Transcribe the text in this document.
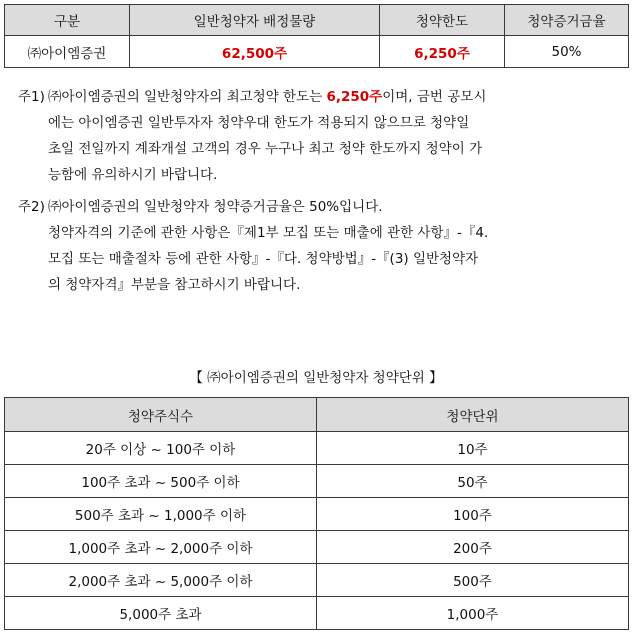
구분	일반청약자 배정물량	청약한도	청약증거금율
㈜아이엠증권	62,500주	6,250주	50%
주1) ㈜아이엠증권의 일반청약자의 최고청약 한도는 6,250주이며, 금번 공모시
에는 아이엠증권 일반투자자 청약우대 한도가 적용되지 않으므로 청약일
초일 전일까지 계좌개설 고객의 경우 누구나 최고 청약 한도까지 청약이 가
능함에 유의하시기 바랍니다.
주2) ㈜아이엠증권의 일반청약자 청약증거금율은 50%입니다.
청약자격의 기준에 관한 사항은『제1부 모집 또는 매출에 관한 사항』-『4.
모집 또는 매출절차 등에 관한 사항』-『다. 청약방법』-『(3) 일반청약자
의 청약자격』부분을 참고하시기 바랍니다.
【 ㈜아이엠증권의 일반청약자 청약단위 】
청약주식수	청약단위
20주 이상 ~ 100주 이하	10주
100주 초과 ~ 500주 이하	50주
500주 초과 ~ 1,000주 이하	100주
1,000주 초과 ~ 2,000주 이하	200주
2,000주 초과 ~ 5,000주 이하	500주
5,000주 초과	1,000주
